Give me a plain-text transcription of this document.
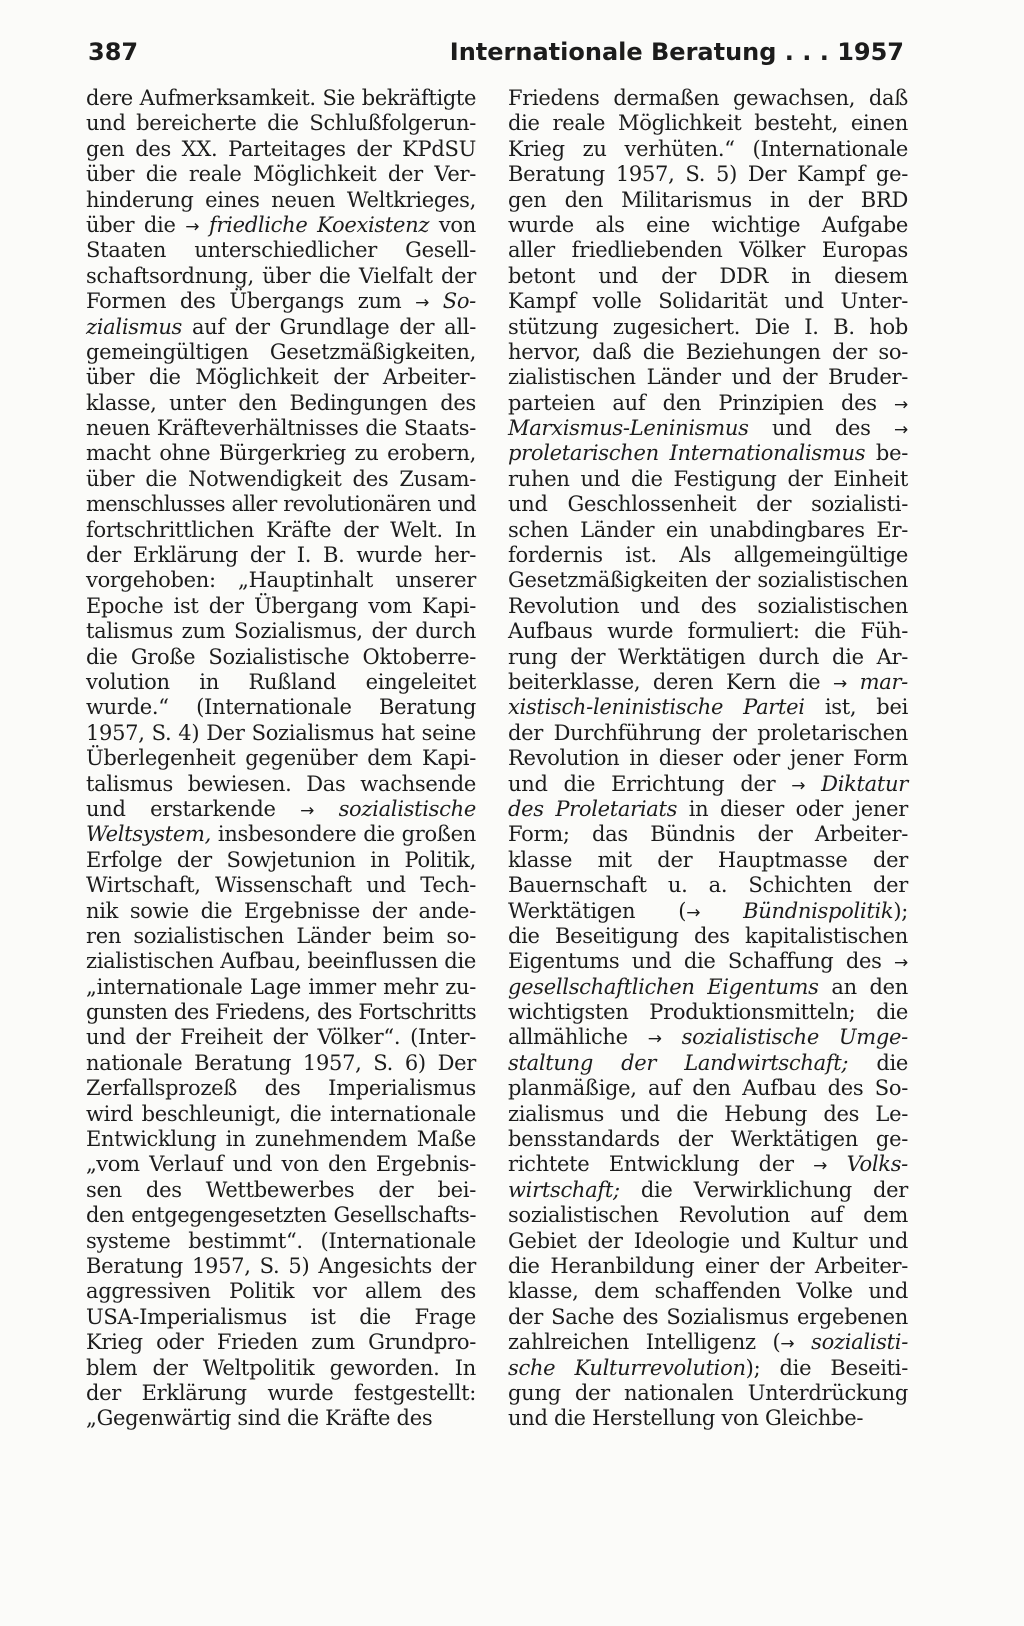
387	Internationale Beratung . . . 1957
dere Aufmerksamkeit. Sie bekräftigte
und bereicherte die Schlußfolgerun-
gen des XX. Parteitages der KPdSU
über die reale Möglichkeit der Ver-
hinderung eines neuen Weltkrieges,
über die → friedliche Koexistenz von
Staaten unterschiedlicher Gesell-
schaftsordnung, über die Vielfalt der
Formen des Übergangs zum → So-
zialismus auf der Grundlage der all-
gemeingültigen Gesetzmäßigkeiten,
über die Möglichkeit der Arbeiter-
klasse, unter den Bedingungen des
neuen Kräfteverhältnisses die Staats-
macht ohne Bürgerkrieg zu erobern,
über die Notwendigkeit des Zusam-
menschlusses aller revolutionären und
fortschrittlichen Kräfte der Welt. In
der Erklärung der I. B. wurde her-
vorgehoben: „Hauptinhalt unserer
Epoche ist der Übergang vom Kapi-
talismus zum Sozialismus, der durch
die Große Sozialistische Oktoberre-
volution in Rußland eingeleitet
wurde.“ (Internationale Beratung
1957, S. 4) Der Sozialismus hat seine
Überlegenheit gegenüber dem Kapi-
talismus bewiesen. Das wachsende
und erstarkende → sozialistische
Weltsystem, insbesondere die großen
Erfolge der Sowjetunion in Politik,
Wirtschaft, Wissenschaft und Tech-
nik sowie die Ergebnisse der ande-
ren sozialistischen Länder beim so-
zialistischen Aufbau, beeinflussen die
„internationale Lage immer mehr zu-
gunsten des Friedens, des Fortschritts
und der Freiheit der Völker“. (Inter-
nationale Beratung 1957, S. 6) Der
Zerfallsprozeß des Imperialismus
wird beschleunigt, die internationale
Entwicklung in zunehmendem Maße
„vom Verlauf und von den Ergebnis-
sen des Wettbewerbes der bei-
den entgegengesetzten Gesellschafts-
systeme bestimmt“. (Internationale
Beratung 1957, S. 5) Angesichts der
aggressiven Politik vor allem des
USA-Imperialismus ist die Frage
Krieg oder Frieden zum Grundpro-
blem der Weltpolitik geworden. In
der Erklärung wurde festgestellt:
„Gegenwärtig sind die Kräfte des
Friedens dermaßen gewachsen, daß
die reale Möglichkeit besteht, einen
Krieg zu verhüten.“ (Internationale
Beratung 1957, S. 5) Der Kampf ge-
gen den Militarismus in der BRD
wurde als eine wichtige Aufgabe
aller friedliebenden Völker Europas
betont und der DDR in diesem
Kampf volle Solidarität und Unter-
stützung zugesichert. Die I. B. hob
hervor, daß die Beziehungen der so-
zialistischen Länder und der Bruder-
parteien auf den Prinzipien des →
Marxismus-Leninismus und des →
proletarischen Internationalismus be-
ruhen und die Festigung der Einheit
und Geschlossenheit der sozialisti-
schen Länder ein unabdingbares Er-
fordernis ist. Als allgemeingültige
Gesetzmäßigkeiten der sozialistischen
Revolution und des sozialistischen
Aufbaus wurde formuliert: die Füh-
rung der Werktätigen durch die Ar-
beiterklasse, deren Kern die → mar-
xistisch-leninistische Partei ist, bei
der Durchführung der proletarischen
Revolution in dieser oder jener Form
und die Errichtung der → Diktatur
des Proletariats in dieser oder jener
Form; das Bündnis der Arbeiter-
klasse mit der Hauptmasse der
Bauernschaft u. a. Schichten der
Werktätigen (→ Bündnispolitik);
die Beseitigung des kapitalistischen
Eigentums und die Schaffung des →
gesellschaftlichen Eigentums an den
wichtigsten Produktionsmitteln; die
allmähliche → sozialistische Umge-
staltung der Landwirtschaft; die
planmäßige, auf den Aufbau des So-
zialismus und die Hebung des Le-
bensstandards der Werktätigen ge-
richtete Entwicklung der → Volks-
wirtschaft; die Verwirklichung der
sozialistischen Revolution auf dem
Gebiet der Ideologie und Kultur und
die Heranbildung einer der Arbeiter-
klasse, dem schaffenden Volke und
der Sache des Sozialismus ergebenen
zahlreichen Intelligenz (→ sozialisti-
sche Kulturrevolution); die Beseiti-
gung der nationalen Unterdrückung
und die Herstellung von Gleichbe-
